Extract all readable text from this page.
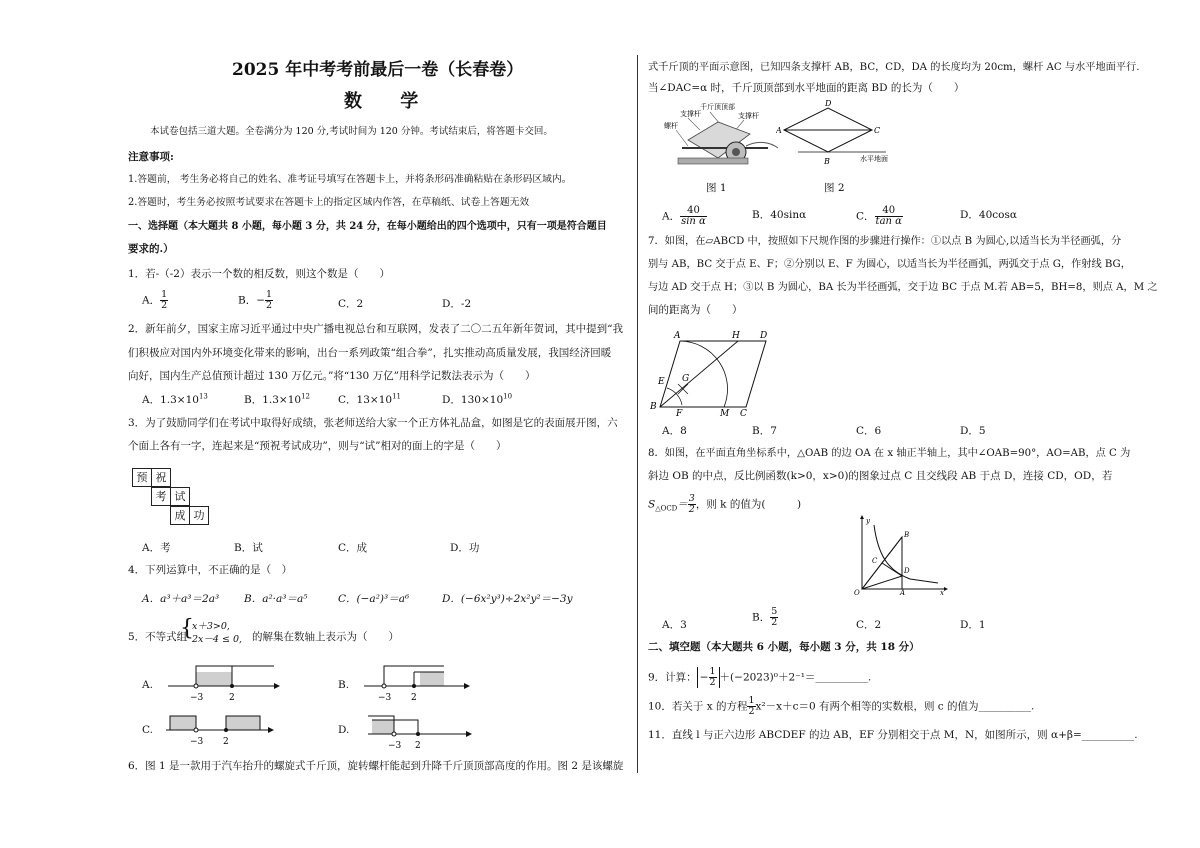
2025 年中考考前最后一卷（长春卷）
数 学
本试卷包括三道大题。全卷满分为 120 分,考试时间为 120 分钟。考试结束后，将答题卡交回。
注意事项:
1.答题前， 考生务必将自己的姓名、准考证号填写在答题卡上，并将条形码准确粘贴在条形码区域内。
2.答题时，考生务必按照考试要求在答题卡上的指定区域内作答，在草稿纸、试卷上答题无效
一、选择题（本大题共 8 小题，每小题 3 分，共 24 分，在每小题给出的四个选项中，只有一项是符合题目
要求的.）
1．若-（-2）表示一个数的相反数，则这个数是（　　）
A． $\frac{1}{2}$	B．− $\frac{1}{2}$	C．2	D．-2
2．新年前夕，国家主席习近平通过中央广播电视总台和互联网，发表了二〇二五年新年贺词，其中提到“我
们积极应对国内外环境变化带来的影响，出台一系列政策“组合拳”，扎实推动高质量发展，我国经济回暖
向好，国内生产总值预计超过 130 万亿元。”将“130 万亿”用科学记数法表示为（　　）
A．$1.3\times 10^{13}$	B．$1.3\times 10^{12}$	C．$13\times 10^{11}$	D．$130\times 10^{10}$
3．为了鼓励同学们在考试中取得好成绩，张老师送给大家一个正方体礼品盒，如图是它的表面展开图，六
个面上各有一字，连起来是“预祝考试成功”，则与“试”相对的面上的字是（　　）
预 祝
考 试
成 功
A．考	B．试	C．成	D．功
4．下列运算中，不正确的是（　）
A．a³＋a³＝2a³ B．a²·a³＝a⁵	C．(−a²)³＝a⁶	D．(−6x²y³)÷2x²y²＝−3y
5．不等式组
{
x＋3>0,
2x－4 ≤ 0, 的解集在数轴上表示为（　　）
A.
−3	2
B.
−3 2
C.
−3 2
D.
−3 2
6．图 1 是一款用于汽车抬升的螺旋式千斤顶，旋转螺杆能起到升降千斤顶顶部高度的作用。图 2 是该螺旋
式千斤顶的平面示意图，已知四条支撑杆 AB，BC，CD，DA 的长度均为 20cm，螺杆 AC 与水平地面平行.
当∠DAC=α 时，千斤顶顶部到水平地面的距离 BD 的长为（　　）
千斤顶顶部
支撑杆	支撑杆
螺杆
图 1
A
D
C
B	水平地面
图 2
A． $\frac{40}{\text{sin α}}$	B．40sinα	C． $\frac{40}{\text{tan α}}$	D．40cosα
7．如图，在▱ABCD 中，按照如下尺规作图的步骤进行操作：①以点 B 为圆心,以适当长为半径画弧，分
别与 AB，BC 交于点 E、F；②分别以 E、F 为圆心，以适当长为半径画弧，两弧交于点 G，作射线 BG，
与边 AD 交于点 H；③以 B 为圆心，BA 长为半径画弧，交于边 BC 于点 M.若 AB=5，BH=8，则点 A，M 之
间的距离为（　　）
A	H D
E G
B
F	M C
A．8	B．7	C．6	D．5
8．如图，在平面直角坐标系中，△OAB 的边 OA 在 x 轴正半轴上，其中∠OAB=90°，AO=AB，点 C 为
斜边 OB 的中点，反比例函数(k>0，x>0)的图象过点 C 且交线段 AB 于点 D，连接 CD，OD，若
$S_{\triangle OCD}= \frac{3}{2}$ ，则 k 的值为(　　　)
y
B
C
D
O	A	x
A．3
B． $\frac{5}{2}$	C．2	D．1
二、填空题（本大题共 6 小题，每小题 3 分，共 18 分）
9．计算： − $\frac{1}{2}$ ＋(−2023)⁰＋2⁻¹＝__________.
10．若关于 x 的方程 $\frac{1}{2} x^2-x+c=0$ 有两个相等的实数根，则 c 的值为__________.
11．直线 l 与正六边形 ABCDEF 的边 AB，EF 分别相交于点 M，N，如图所示，则 α+β=__________.
